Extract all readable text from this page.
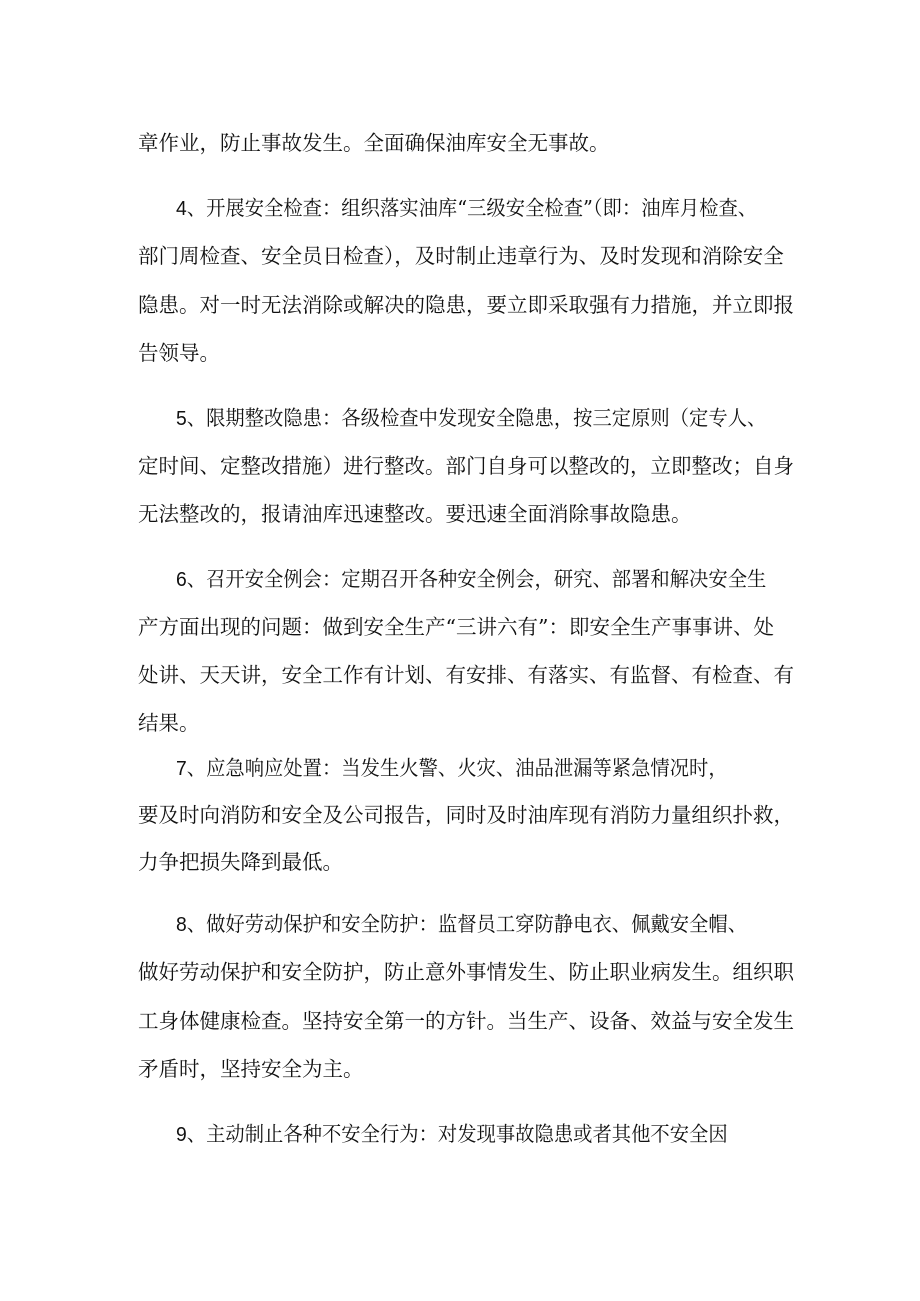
章作业，防止事故发生。全面确保油库安全无事故。
4、开展安全检查：组织落实油库“三级安全检查”（即：油库月检查、
部门周检查、安全员日检查），及时制止违章行为、及时发现和消除安全
隐患。对一时无法消除或解决的隐患，要立即采取强有力措施，并立即报
告领导。
5、限期整改隐患：各级检查中发现安全隐患，按三定原则（定专人、
定时间、定整改措施）进行整改。部门自身可以整改的，立即整改；自身
无法整改的，报请油库迅速整改。要迅速全面消除事故隐患。
6、召开安全例会：定期召开各种安全例会，研究、部署和解决安全生
产方面出现的问题：做到安全生产“三讲六有”：即安全生产事事讲、处
处讲、天天讲，安全工作有计划、有安排、有落实、有监督、有检查、有
结果。
7、应急响应处置：当发生火警、火灾、油品泄漏等紧急情况时，
要及时向消防和安全及公司报告，同时及时油库现有消防力量组织扑救，
力争把损失降到最低。
8、做好劳动保护和安全防护：监督员工穿防静电衣、佩戴安全帽、
做好劳动保护和安全防护，防止意外事情发生、防止职业病发生。组织职
工身体健康检查。坚持安全第一的方针。当生产、设备、效益与安全发生
矛盾时，坚持安全为主。
9、主动制止各种不安全行为：对发现事故隐患或者其他不安全因
